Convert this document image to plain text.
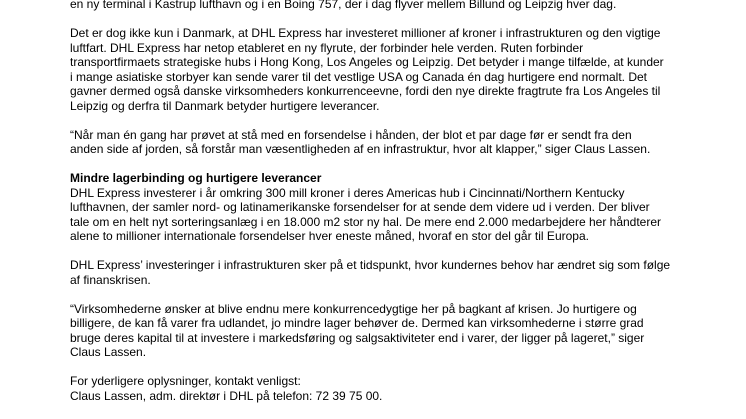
en ny terminal i Kastrup lufthavn og i en Boing 757, der i dag flyver mellem Billund og Leipzig hver dag.

Det er dog ikke kun i Danmark, at DHL Express har investeret millioner af kroner i infrastrukturen og den vigtige
luftfart. DHL Express har netop etableret en ny flyrute, der forbinder hele verden. Ruten forbinder
transportfirmaets strategiske hubs i Hong Kong, Los Angeles og Leipzig. Det betyder i mange tilfælde, at kunder
i mange asiatiske storbyer kan sende varer til det vestlige USA og Canada én dag hurtigere end normalt. Det
gavner dermed også danske virksomheders konkurrenceevne, fordi den nye direkte fragtrute fra Los Angeles til
Leipzig og derfra til Danmark betyder hurtigere leverancer.

“Når man én gang har prøvet at stå med en forsendelse i hånden, der blot et par dage før er sendt fra den
anden side af jorden, så forstår man væsentligheden af en infrastruktur, hvor alt klapper,” siger Claus Lassen.

Mindre lagerbinding og hurtigere leverancer
DHL Express investerer i år omkring 300 mill kroner i deres Americas hub i Cincinnati/Northern Kentucky
lufthavnen, der samler nord- og latinamerikanske forsendelser for at sende dem videre ud i verden. Der bliver
tale om en helt nyt sorteringsanlæg i en 18.000 m2 stor ny hal. De mere end 2.000 medarbejdere her håndterer
alene to millioner internationale forsendelser hver eneste måned, hvoraf en stor del går til Europa.

DHL Express’ investeringer i infrastrukturen sker på et tidspunkt, hvor kundernes behov har ændret sig som følge
af finanskrisen.

“Virksomhederne ønsker at blive endnu mere konkurrencedygtige her på bagkant af krisen. Jo hurtigere og
billigere, de kan få varer fra udlandet, jo mindre lager behøver de. Dermed kan virksomhederne i større grad
bruge deres kapital til at investere i markedsføring og salgsaktiviteter end i varer, der ligger på lageret,” siger
Claus Lassen.

For yderligere oplysninger, kontakt venligst:
Claus Lassen, adm. direktør i DHL på telefon: 72 39 75 00.
